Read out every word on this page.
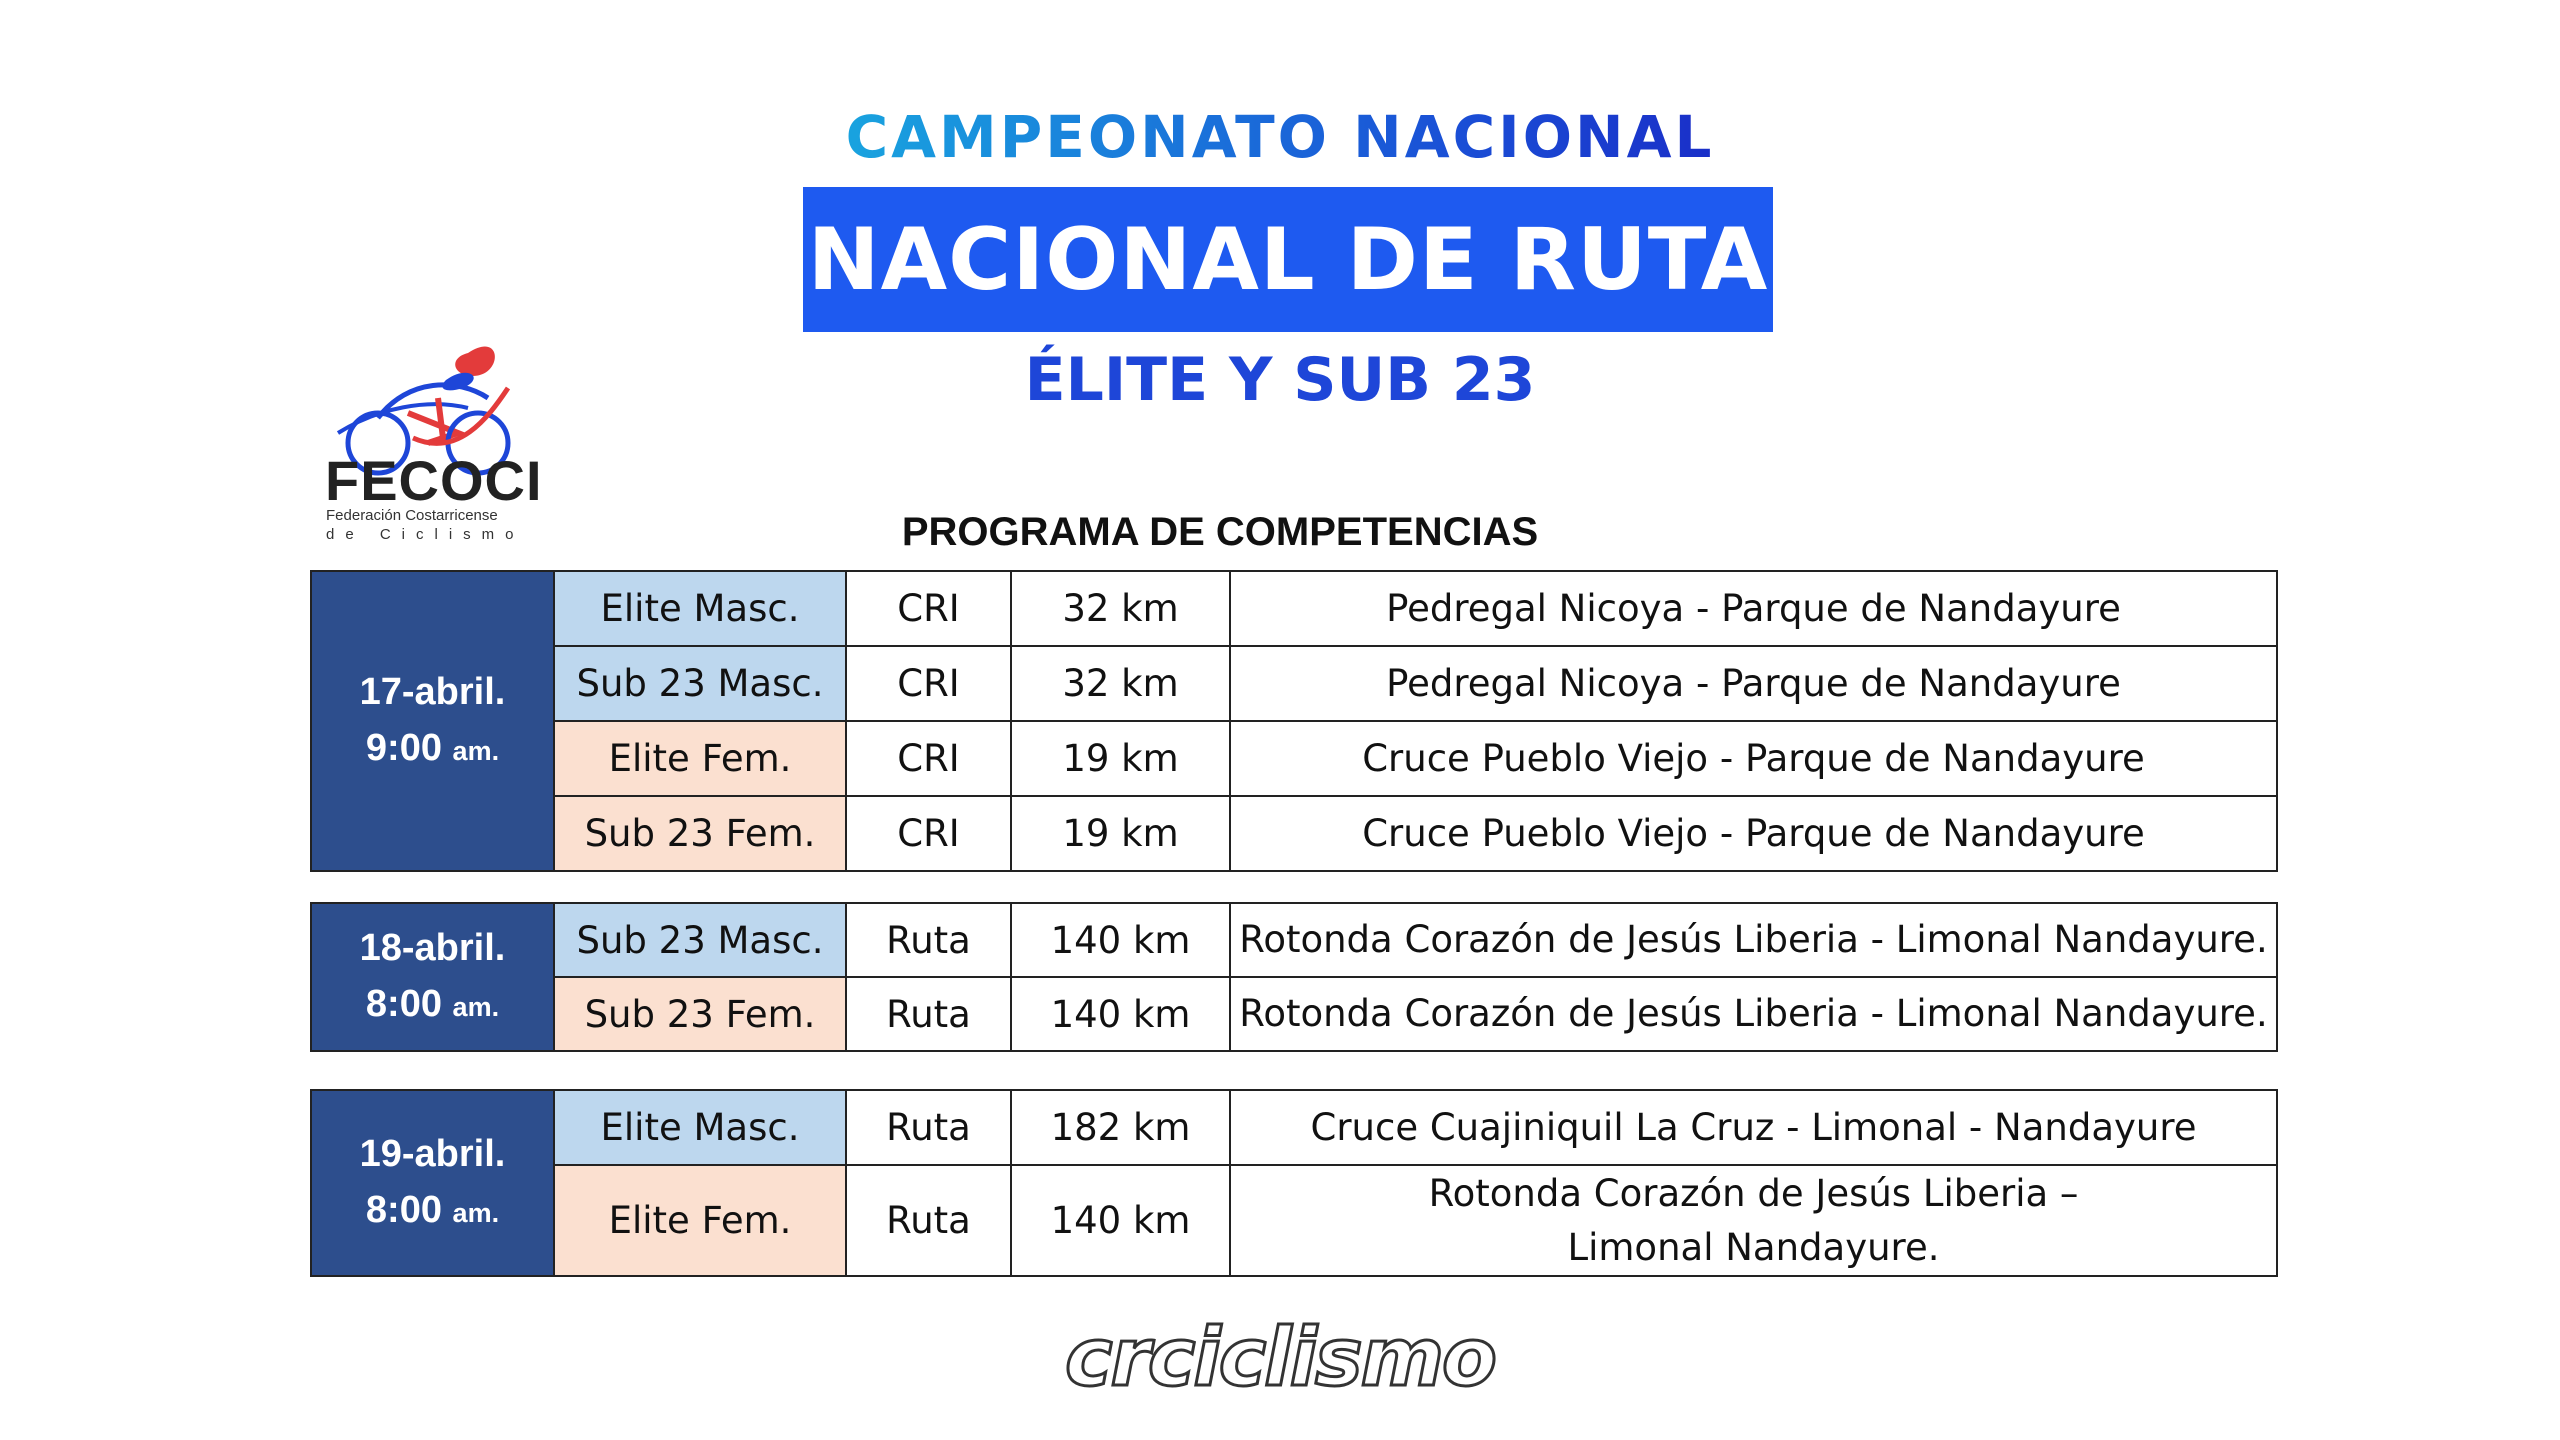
CAMPEONATO NACIONAL
NACIONAL DE RUTA
ÉLITE Y SUB 23
FECOCI
Federación Costarricense
de Ciclismo	PROGRAMA DE COMPETENCIAS
17-abril.
9:00 am.	Elite Masc.	CRI	32 km	Pedregal Nicoya - Parque de Nandayure
	Sub 23 Masc.	CRI	32 km	Pedregal Nicoya - Parque de Nandayure
	Elite Fem.	CRI	19 km	Cruce Pueblo Viejo - Parque de Nandayure
	Sub 23 Fem.	CRI	19 km	Cruce Pueblo Viejo - Parque de Nandayure
18-abril.
8:00 am.	Sub 23 Masc.	Ruta	140 km	Rotonda Corazón de Jesús Liberia - Limonal Nandayure.
	Sub 23 Fem.	Ruta	140 km	Rotonda Corazón de Jesús Liberia - Limonal Nandayure.
19-abril.
8:00 am.	Elite Masc.	Ruta	182 km	Cruce Cuajiniquil La Cruz - Limonal - Nandayure
	Elite Fem.	Ruta	140 km	Rotonda Corazón de Jesús Liberia – Limonal Nandayure.
crciclismo
